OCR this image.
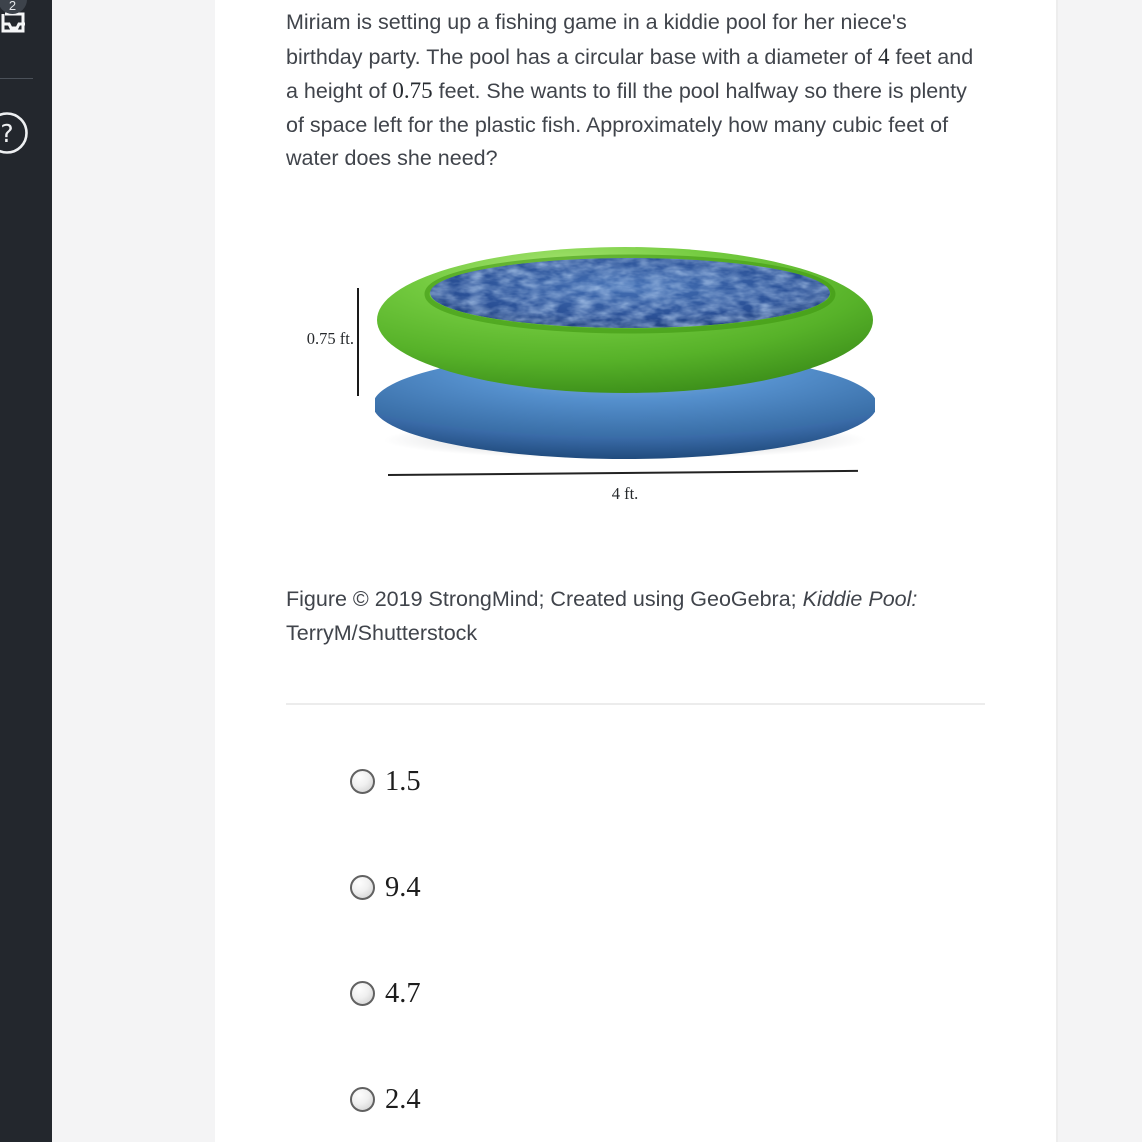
2
?

Miriam is setting up a fishing game in a kiddie pool for her niece's birthday party. The pool has a circular base with a diameter of 4 feet and a height of 0.75 feet. She wants to fill the pool halfway so there is plenty of space left for the plastic fish. Approximately how many cubic feet of water does she need?

0.75 ft.
4 ft.

Figure © 2019 StrongMind; Created using GeoGebra; Kiddie Pool: TerryM/Shutterstock

1.5
9.4
4.7
2.4
